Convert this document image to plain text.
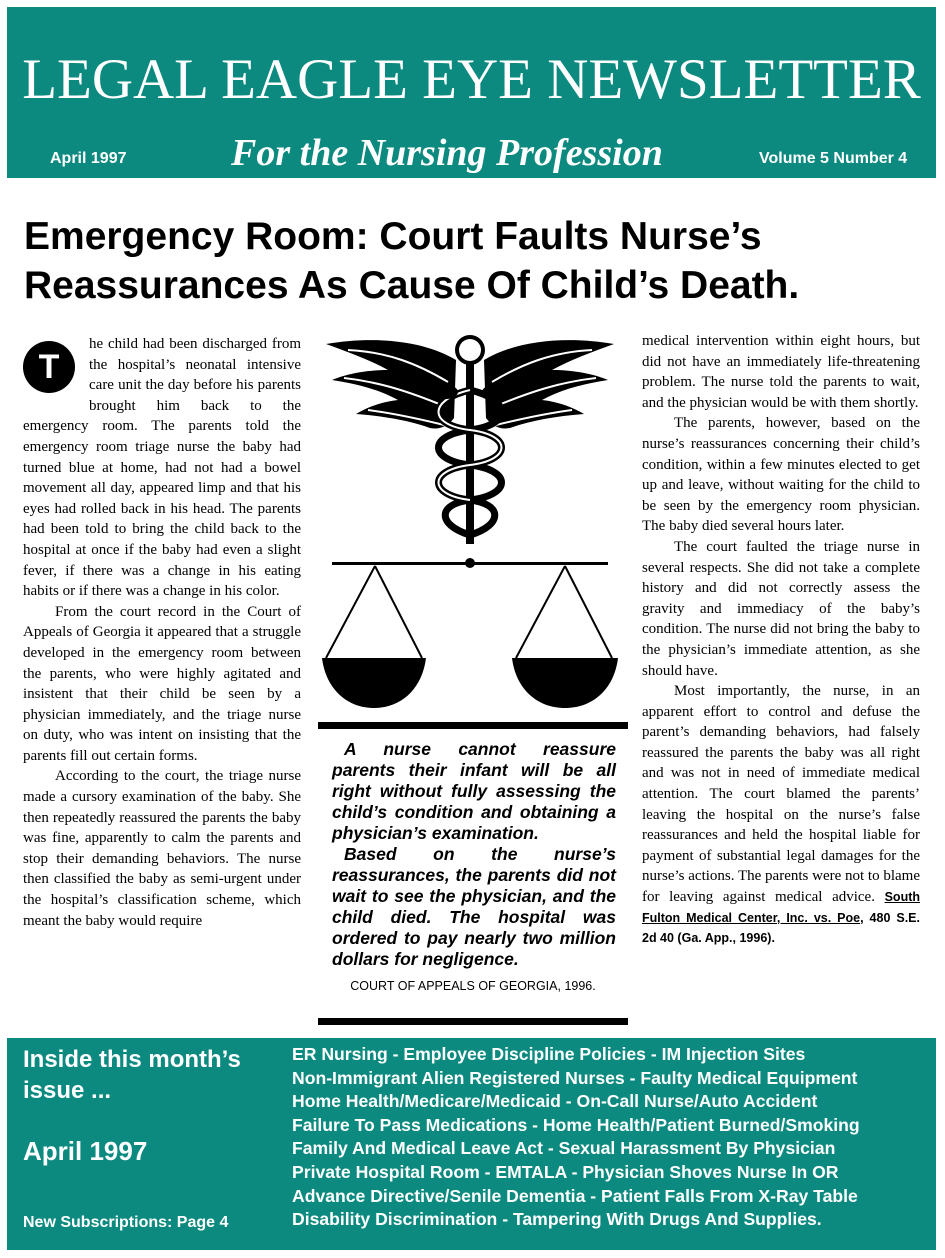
LEGAL EAGLE EYE NEWSLETTER
April 1997	For the Nursing Profession	Volume 5 Number 4
Emergency Room: Court Faults Nurse’s
Reassurances As Cause Of Child’s Death.

T
he child had been discharged from the hospital’s neonatal intensive care unit the day before his parents brought him back to the emergency room. The parents told the emergency room triage nurse the baby had turned blue at home, had not had a bowel movement all day, appeared limp and that his eyes had rolled back in his head. The parents had been told to bring the child back to the hospital at once if the baby had even a slight fever, if there was a change in his eating habits or if there was a change in his color.

From the court record in the Court of Appeals of Georgia it appeared that a struggle developed in the emergency room between the parents, who were highly agitated and insistent that their child be seen by a physician immediately, and the triage nurse on duty, who was intent on insisting that the parents fill out certain forms.

According to the court, the triage nurse made a cursory examination of the baby. She then repeatedly reassured the parents the baby was fine, apparently to calm the parents and stop their demanding behaviors. The nurse then classified the baby as semi-urgent under the hospital’s classification scheme, which meant the baby would require

A nurse cannot reassure parents their infant will be all right without fully assessing the child’s condition and obtaining a physician’s examination.

Based on the nurse’s reassurances, the parents did not wait to see the physician, and the child died. The hospital was ordered to pay nearly two million dollars for negligence.

COURT OF APPEALS OF GEORGIA, 1996.

medical intervention within eight hours, but did not have an immediately life-threatening problem. The nurse told the parents to wait, and the physician would be with them shortly.

The parents, however, based on the nurse’s reassurances concerning their child’s condition, within a few minutes elected to get up and leave, without waiting for the child to be seen by the emergency room physician. The baby died several hours later.

The court faulted the triage nurse in several respects. She did not take a complete history and did not correctly assess the gravity and immediacy of the baby’s condition. The nurse did not bring the baby to the physician’s immediate attention, as she should have.

Most importantly, the nurse, in an apparent effort to control and defuse the parent’s demanding behaviors, had falsely reassured the parents the baby was all right and was not in need of immediate medical attention. The court blamed the parents’ leaving the hospital on the nurse’s false reassurances and held the hospital liable for payment of substantial legal damages for the nurse’s actions. The parents were not to blame for leaving against medical advice. South Fulton Medical Center, Inc. vs. Poe, 480 S.E. 2d 40 (Ga. App., 1996).

Inside this month’s issue ...
April 1997
New Subscriptions: Page 4
ER Nursing - Employee Discipline Policies - IM Injection Sites
Non-Immigrant Alien Registered Nurses - Faulty Medical Equipment
Home Health/Medicare/Medicaid - On-Call Nurse/Auto Accident
Failure To Pass Medications - Home Health/Patient Burned/Smoking
Family And Medical Leave Act - Sexual Harassment By Physician
Private Hospital Room - EMTALA - Physician Shoves Nurse In OR
Advance Directive/Senile Dementia - Patient Falls From X-Ray Table
Disability Discrimination - Tampering With Drugs And Supplies.
